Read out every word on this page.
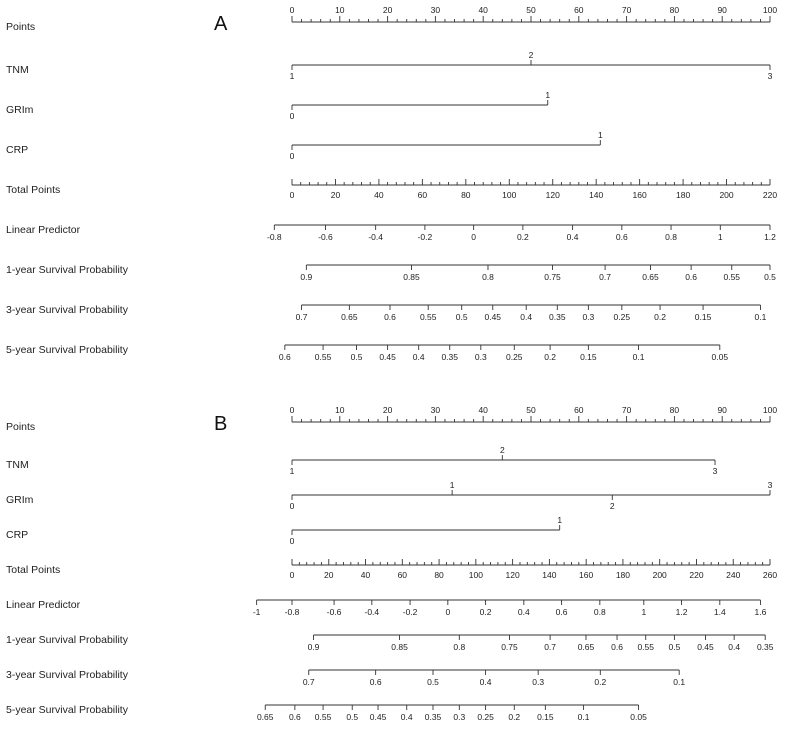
A
Points
0	10	20	30	40	50	60	70	80	90	100
TNM	1
2
3
GRIm	0
1
CRP	0
1
Total Points	0	20	40	60	80	100	120	140	160	180	200	220
Linear Predictor
-0.8	-0.6	-0.4	-0.2	0	0.2	0.4	0.6	0.8	1	1.2
1-year Survival Probability
0.9	0.85	0.8	0.75	0.7	0.65	0.6	0.55	0.5
3-year Survival Probability
0.7	0.65	0.6	0.55 0.5 0.45 0.4 0.35 0.3 0.25	0.2	0.15	0.1
5-year Survival Probability
0.6	0.55 0.5 0.45 0.4 0.35 0.3 0.25	0.2	0.15	0.1	0.05
B
Points
0	10	20	30	40	50	60	70	80	90	100
TNM	1
2
3
GRIm	0
1
2
3
CRP	0
1
Total Points	0	20	40	60	80	100	120	140	160	180	200	220	240	260
Linear Predictor
-1	-0.8	-0.6	-0.4	-0.2	0	0.2	0.4	0.6	0.8	1	1.2	1.4	1.6
1-year Survival Probability
0.9	0.85	0.8	0.75	0.7	0.65 0.6 0.55 0.5 0.45 0.4 0.35
3-year Survival Probability
0.7	0.6	0.5	0.4	0.3	0.2	0.1
5-year Survival Probability
0.65 0.6 0.55 0.5 0.45 0.4 0.35 0.3 0.25 0.2 0.15	0.1	0.05
